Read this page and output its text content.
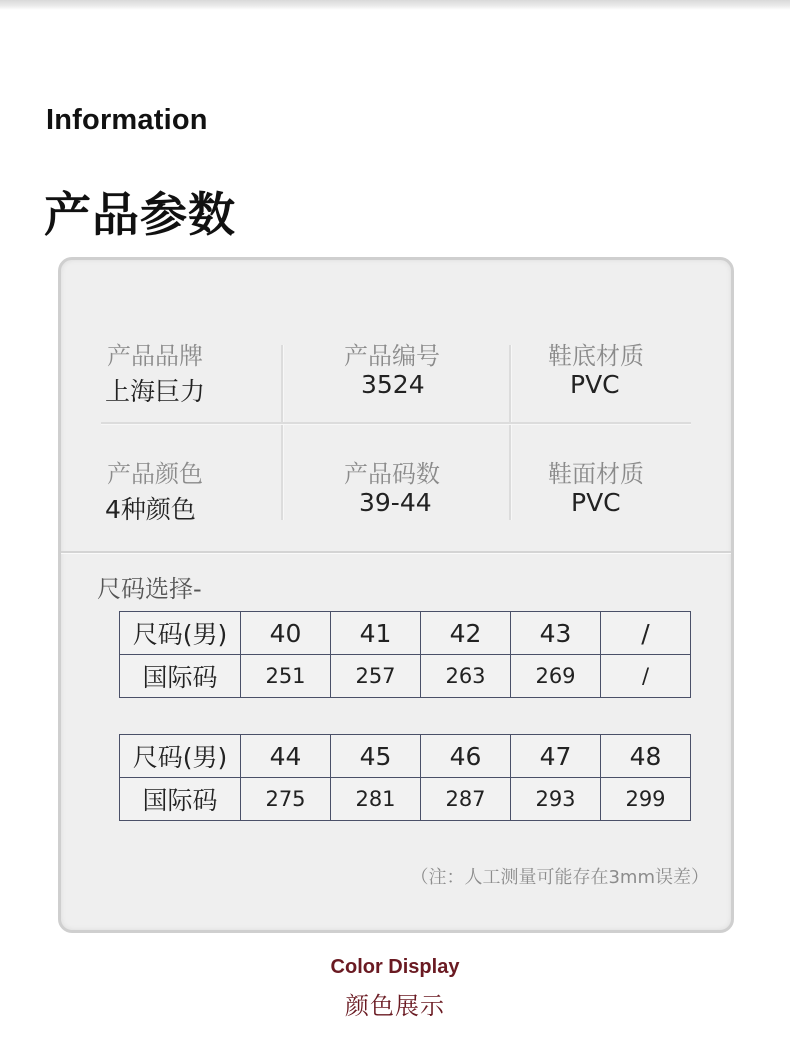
Information
产品参数
产品品牌
上海巨力
产品编号
3524
鞋底材质
PVC
产品颜色
4种颜色
产品码数
39-44
鞋面材质
PVC
尺码选择-
尺码(男)	40	41	42	43	/
国际码	251	257	263	269	/
尺码(男)	44	45	46	47	48
国际码	275	281	287	293	299
（注：人工测量可能存在3mm误差）
Color Display
颜色展示
